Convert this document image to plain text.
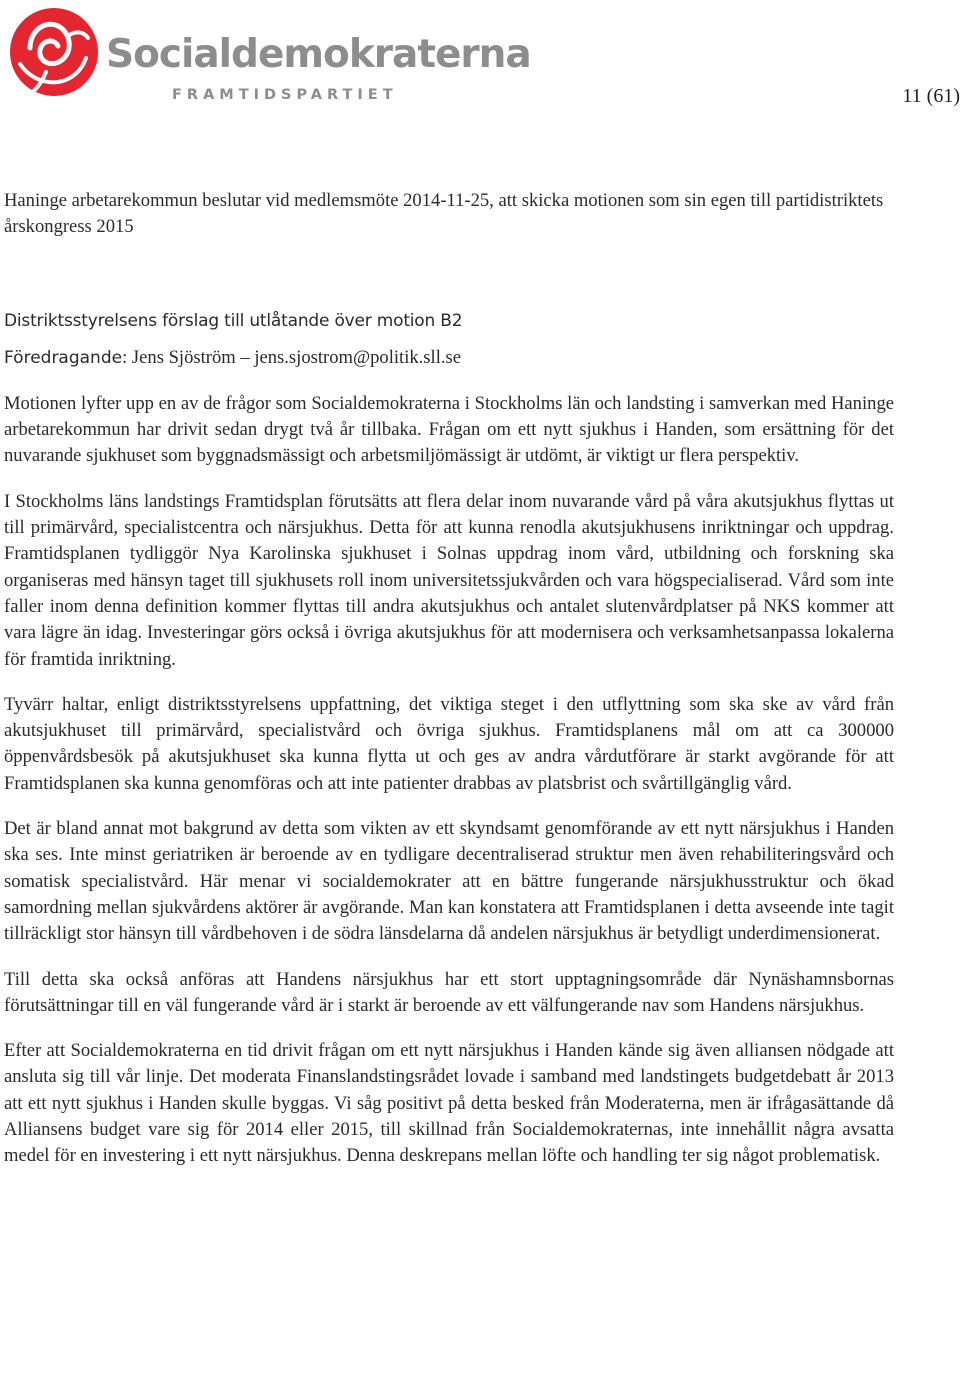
Socialdemokraterna
FRAMTIDSPARTIET	11 (61)

Haninge arbetarekommun beslutar vid medlemsmöte 2014-11-25, att skicka motionen som sin egen till partidistriktets årskongress 2015

Distriktsstyrelsens förslag till utlåtande över motion B2

Föredragande: Jens Sjöström – jens.sjostrom@politik.sll.se

Motionen lyfter upp en av de frågor som Socialdemokraterna i Stockholms län och landsting i samverkan med Haninge arbetarekommun har drivit sedan drygt två år tillbaka. Frågan om ett nytt sjukhus i Handen, som ersättning för det nuvarande sjukhuset som byggnadsmässigt och arbetsmiljömässigt är utdömt, är viktigt ur flera perspektiv.

I Stockholms läns landstings Framtidsplan förutsätts att flera delar inom nuvarande vård på våra akutsjukhus flyttas ut till primärvård, specialistcentra och närsjukhus. Detta för att kunna renodla akutsjukhusens inriktningar och uppdrag. Framtidsplanen tydliggör Nya Karolinska sjukhuset i Solnas uppdrag inom vård, utbildning och forskning ska organiseras med hänsyn taget till sjukhusets roll inom universitetssjukvården och vara högspecialiserad. Vård som inte faller inom denna definition kommer flyttas till andra akutsjukhus och antalet slutenvårdplatser på NKS kommer att vara lägre än idag. Investeringar görs också i övriga akutsjukhus för att modernisera och verksamhetsanpassa lokalerna för framtida inriktning.

Tyvärr haltar, enligt distriktsstyrelsens uppfattning, det viktiga steget i den utflyttning som ska ske av vård från akutsjukhuset till primärvård, specialistvård och övriga sjukhus. Framtidsplanens mål om att ca 300000 öppenvårdsbesök på akutsjukhuset ska kunna flytta ut och ges av andra vårdutförare är starkt avgörande för att Framtidsplanen ska kunna genomföras och att inte patienter drabbas av platsbrist och svårtillgänglig vård.

Det är bland annat mot bakgrund av detta som vikten av ett skyndsamt genomförande av ett nytt närsjukhus i Handen ska ses. Inte minst geriatriken är beroende av en tydligare decentraliserad struktur men även rehabiliteringsvård och somatisk specialistvård. Här menar vi socialdemokrater att en bättre fungerande närsjukhusstruktur och ökad samordning mellan sjukvårdens aktörer är avgörande. Man kan konstatera att Framtidsplanen i detta avseende inte tagit tillräckligt stor hänsyn till vårdbehoven i de södra länsdelarna då andelen närsjukhus är betydligt underdimensionerat.

Till detta ska också anföras att Handens närsjukhus har ett stort upptagningsområde där Nynäshamnsbornas förutsättningar till en väl fungerande vård är i starkt är beroende av ett välfungerande nav som Handens närsjukhus.

Efter att Socialdemokraterna en tid drivit frågan om ett nytt närsjukhus i Handen kände sig även alliansen nödgade att ansluta sig till vår linje. Det moderata Finanslandstingsrådet lovade i samband med landstingets budgetdebatt år 2013 att ett nytt sjukhus i Handen skulle byggas. Vi såg positivt på detta besked från Moderaterna, men är ifrågasättande då Alliansens budget vare sig för 2014 eller 2015, till skillnad från Socialdemokraternas, inte innehållit några avsatta medel för en investering i ett nytt närsjukhus. Denna deskrepans mellan löfte och handling ter sig något problematisk.
